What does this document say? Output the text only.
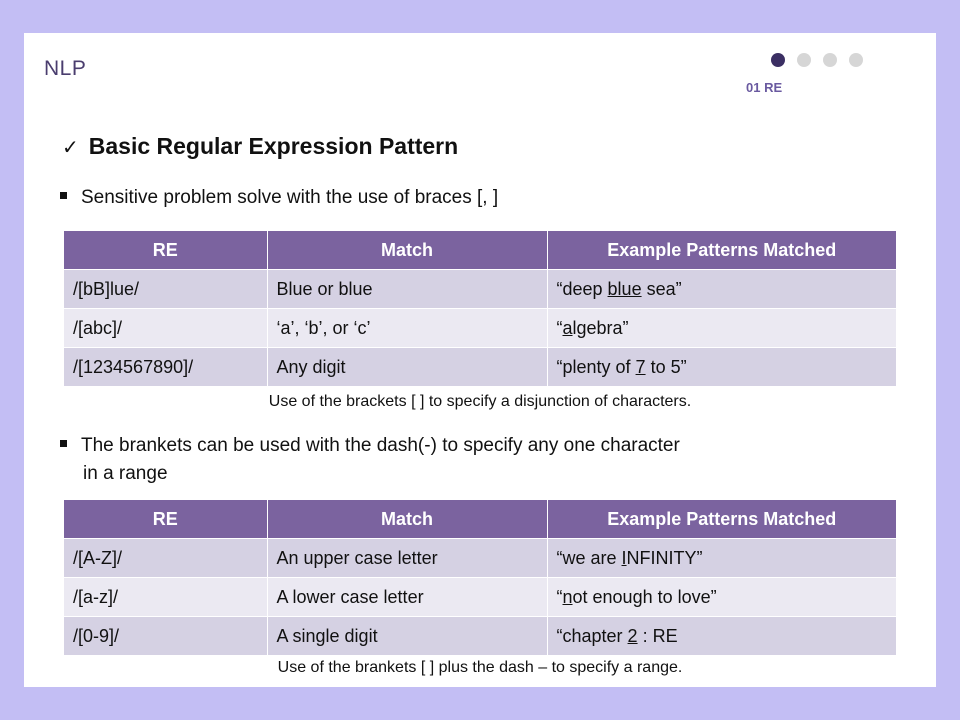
NLP
01 RE
✓ Basic Regular Expression Pattern
Sensitive problem solve with the use of braces [, ]
RE	Match	Example Patterns Matched
/[bB]lue/	Blue or blue	“deep blue sea”
/[abc]/	‘a’, ‘b’, or ‘c’	“algebra”
/[1234567890]/	Any digit	“plenty of 7 to 5”
Use of the brackets [ ] to specify a disjunction of characters.
The brankets can be used with the dash(-) to specify any one character
in a range
RE	Match	Example Patterns Matched
/[A-Z]/	An upper case letter	“we are INFINITY”
/[a-z]/	A lower case letter	“not enough to love”
/[0-9]/	A single digit	“chapter 2 : RE
Use of the brankets [ ] plus the dash – to specify a range.
